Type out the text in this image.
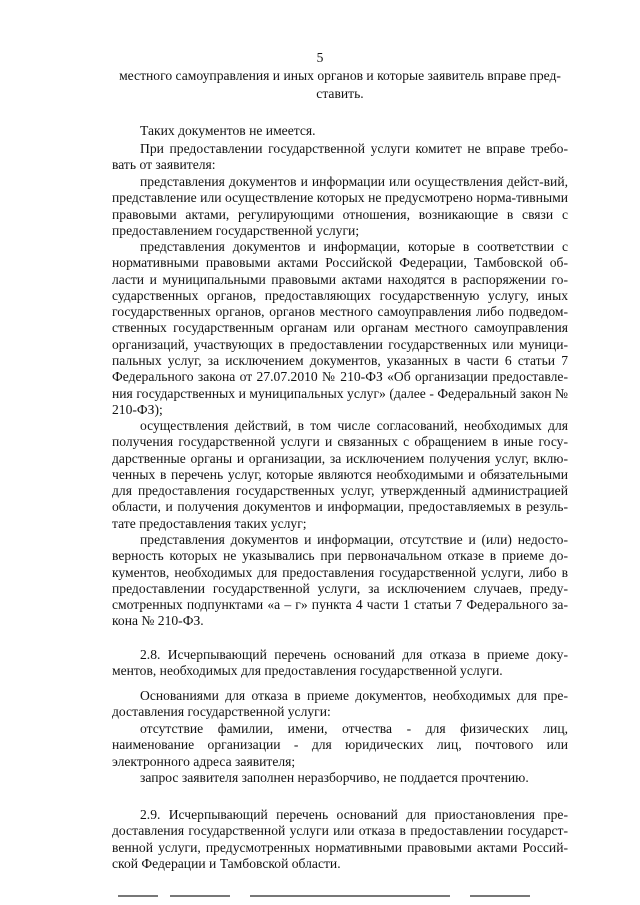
5

местного самоуправления и иных органов и которые заявитель вправе пред-

ставить.

Таких документов не имеется.

При предоставлении государственной услуги комитет не вправе требо-вать от заявителя:

представления документов и информации или осуществления дейст-вий, представление или осуществление которых не предусмотрено норма-тивными правовыми актами, регулирующими отношения, возникающие в связи с предоставлением государственной услуги;

представления документов и информации, которые в соответствии с нормативными правовыми актами Российской Федерации, Тамбовской об-ласти и муниципальными правовыми актами находятся в распоряжении го-сударственных органов, предоставляющих государственную услугу, иных государственных органов, органов местного самоуправления либо подведом-ственных государственным органам или органам местного самоуправления организаций, участвующих в предоставлении государственных или муници-пальных услуг, за исключением документов, указанных в части 6 статьи 7 Федерального закона от 27.07.2010 № 210-ФЗ «Об организации предоставле-ния государственных и муниципальных услуг» (далее - Федеральный закон № 210-ФЗ);

осуществления действий, в том числе согласований, необходимых для получения государственной услуги и связанных с обращением в иные госу-дарственные органы и организации, за исключением получения услуг, вклю-ченных в перечень услуг, которые являются необходимыми и обязательными для предоставления государственных услуг, утвержденный администрацией области, и получения документов и информации, предоставляемых в резуль-тате предоставления таких услуг;

представления документов и информации, отсутствие и (или) недосто-верность которых не указывались при первоначальном отказе в приеме до-кументов, необходимых для предоставления государственной услуги, либо в предоставлении государственной услуги, за исключением случаев, преду-смотренных подпунктами «а – г» пункта 4 части 1 статьи 7 Федерального за-кона № 210-ФЗ.

2.8. Исчерпывающий перечень оснований для отказа в приеме доку-ментов, необходимых для предоставления государственной услуги.

Основаниями для отказа в приеме документов, необходимых для пре-доставления государственной услуги:

отсутствие фамилии, имени, отчества - для физических лиц, наименование организации - для юридических лиц, почтового или электронного адреса заявителя;

запрос заявителя заполнен неразборчиво, не поддается прочтению.

2.9. Исчерпывающий перечень оснований для приостановления пре-доставления государственной услуги или отказа в предоставлении государст-венной услуги, предусмотренных нормативными правовыми актами Россий-ской Федерации и Тамбовской области.
